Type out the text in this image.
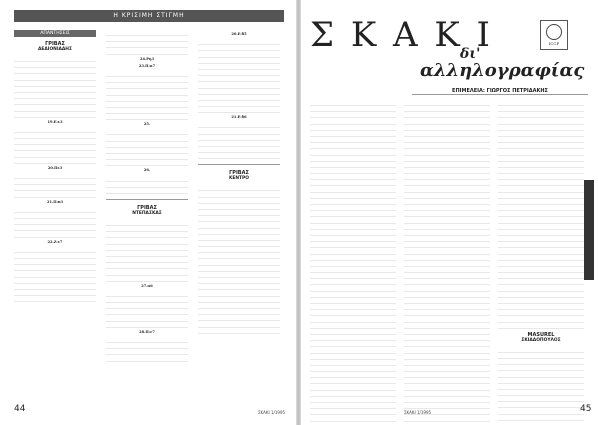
Η ΚΡΙΣΙΜΗ ΣΤΙΓΜΗ
ΑΠΑΝΤΗΣΕΙΣ
ΓΡΙΒΑΣ
ΑΕΔΙΟΝΙΑΔΗΣ
19.Ε:ε3
20.Πε3
21.Π:π3
22.Ζ:ε7
24.Ρη3
23.Π:α7
25.
26.
ΓΡΙΒΑΣ
ΝΤΕΠΑΣΚΑΣ
27.α6
28.Π:ε7
20.Ε:δ5
21.Ε:δ6
ΓΡΙΒΑΣ
ΚΕΝΤΡΟ
44	ΣΚΑΚΙ 1/1995
Σ Κ Α Κ Ι	ICCF
δι'
αλληλογραφίας
ΕΠΙΜΕΛΕΙΑ: ΓΙΩΡΓΟΣ ΠΕΤΡΙΔΑΚΗΣ
MASUREL
ΣΚΙΑΔΟΠΟΥΛΟΣ
45
ΣΚΑΚΙ 1/1995
